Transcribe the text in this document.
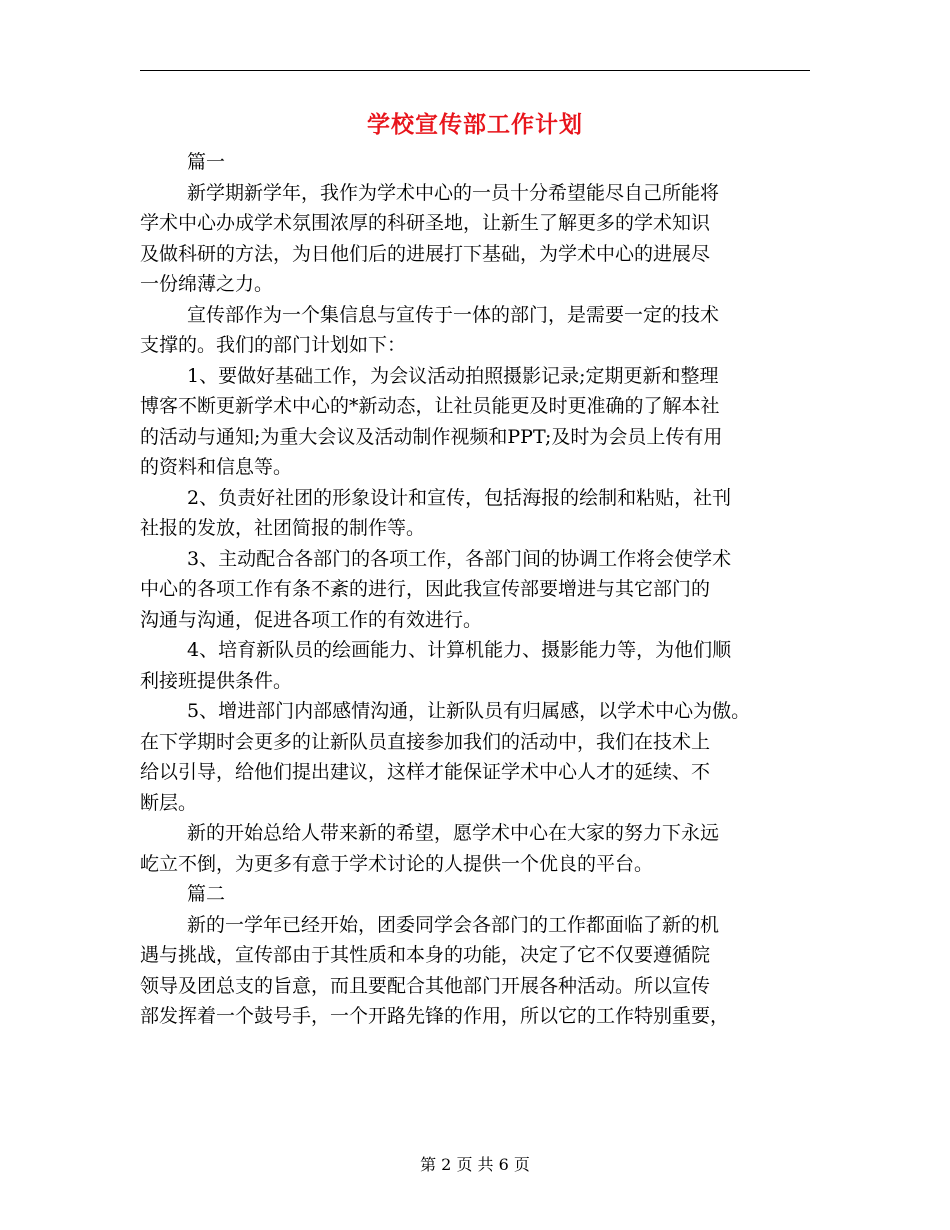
学校宣传部工作计划
篇一
新学期新学年，我作为学术中心的一员十分希望能尽自己所能将
学术中心办成学术氛围浓厚的科研圣地，让新生了解更多的学术知识
及做科研的方法，为日他们后的进展打下基础，为学术中心的进展尽
一份绵薄之力。
宣传部作为一个集信息与宣传于一体的部门，是需要一定的技术
支撑的。我们的部门计划如下：
1、要做好基础工作，为会议活动拍照摄影记录;定期更新和整理
博客不断更新学术中心的*新动态，让社员能更及时更准确的了解本社
的活动与通知;为重大会议及活动制作视频和PPT;及时为会员上传有用
的资料和信息等。
2、负责好社团的形象设计和宣传，包括海报的绘制和粘贴，社刊
社报的发放，社团简报的制作等。
3、主动配合各部门的各项工作，各部门间的协调工作将会使学术
中心的各项工作有条不紊的进行，因此我宣传部要增进与其它部门的
沟通与沟通，促进各项工作的有效进行。
4、培育新队员的绘画能力、计算机能力、摄影能力等，为他们顺
利接班提供条件。
5、增进部门内部感情沟通，让新队员有归属感，以学术中心为傲。
在下学期时会更多的让新队员直接参加我们的活动中，我们在技术上
给以引导，给他们提出建议，这样才能保证学术中心人才的延续、不
断层。
新的开始总给人带来新的希望，愿学术中心在大家的努力下永远
屹立不倒，为更多有意于学术讨论的人提供一个优良的平台。
篇二
新的一学年已经开始，团委同学会各部门的工作都面临了新的机
遇与挑战，宣传部由于其性质和本身的功能，决定了它不仅要遵循院
领导及团总支的旨意，而且要配合其他部门开展各种活动。所以宣传
部发挥着一个鼓号手，一个开路先锋的作用，所以它的工作特别重要，
第 2 页 共 6 页
